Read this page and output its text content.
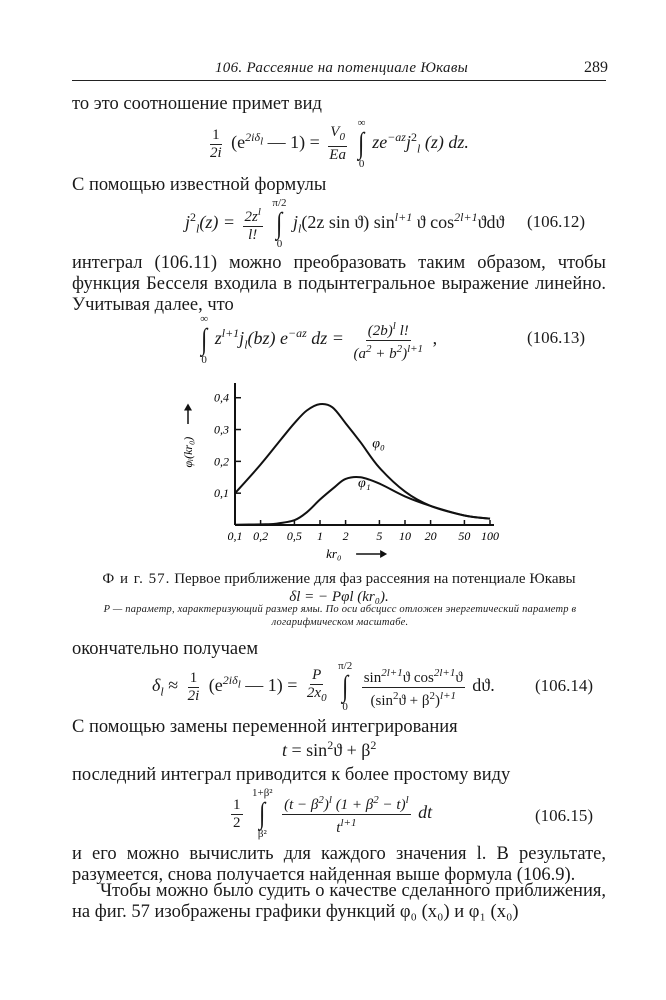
106. Рассеяние на потенциале Юкавы	289
то это соотношение примет вид
$\frac{1}{2i} (e^{2i\delta_l}$ — $1) = \frac{V_0}{Ea}$

∞
∫
0
$ze^{-az}j^2_l$ (z) dz.
С помощью известной формулы
$j^2_l(z) = \frac{2z^l}{l!}$

π/2
∫
0
$j_l(2z$ sin ϑ) $\sin^{l+1} ϑ$ $\cos^{2l+1}ϑdϑ$ (106.12)
интеграл (106.11) можно преобразовать таким образом, чтобы функция Бесселя входила в подынтегральное выражение линейно. Учитывая далее, что
∞
∫
0
$z^{l+1}j_l(bz)$ $e^{-az}$ dz = $\frac{(2b)^l l!}{(a^2 + b^2)^{l+1}}$ ,	(106.13)
0,1
0,2
0,3
0,4
0,1 0,2 0,5 1 2 5 10 20 50 100
φ₀
φ₁
kr₀
φᵢ(kr₀)
Ф и г. 57. Первое приближение для фаз рассеяния на потенциале Юкавы
δl = − Pφl (kr₀).
P — параметр, характеризующий размер ямы. По оси абсцисс отложен энергетический параметр в логарифмическом масштабе.
окончательно получаем
$\delta_l \approx \frac{1}{2i} (e^{2i\delta_l}$ — $1) = \frac{P}{2x_0}$

π/2
∫
0
$\frac{\sin^{2l+1}ϑ \cos^{2l+1}ϑ}{(\sin^2ϑ + \beta^2)^{l+1}} dϑ$. (106.14)
С помощью замены переменной интегрирования
$t = \sin^2ϑ + \beta^2$
последний интеграл приводится к более простому виду
$\frac{1}{2}$

1+β²
∫
β²
$\frac{(t - \beta^2)^l (1 + \beta^2 - t)^l}{t^{l+1}}$ dt	(106.15)
и его можно вычислить для каждого значения l. В результате, разумеется, снова получается найденная выше формула (106.9).
Чтобы можно было судить о качестве сделанного приближения, на фиг. 57 изображены графики функций φ₀ (x₀) и φ₁ (x₀)
